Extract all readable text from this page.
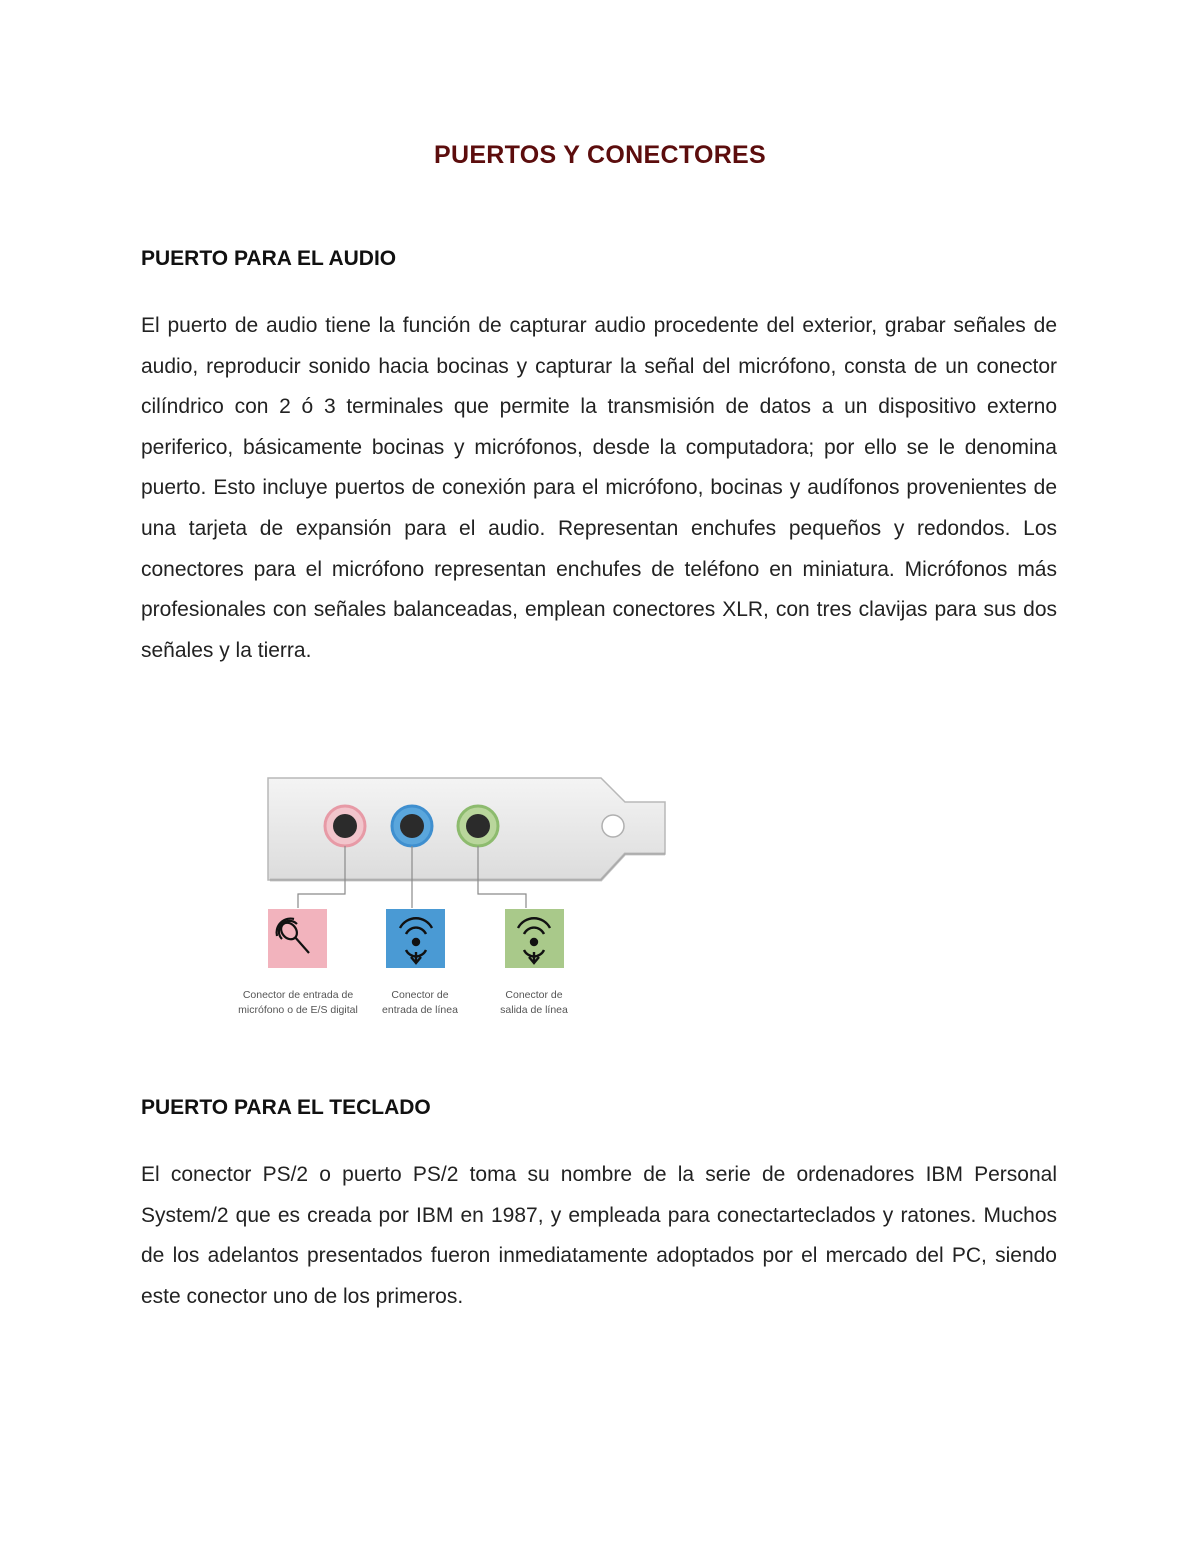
PUERTOS Y CONECTORES
PUERTO PARA EL AUDIO
El puerto de audio tiene la función de capturar audio procedente del exterior, grabar señales de audio, reproducir sonido hacia bocinas y capturar la señal del micrófono, consta de un conector cilíndrico con 2 ó 3 terminales que permite la transmisión de datos a un dispositivo externo periferico, básicamente bocinas y micrófonos, desde la computadora; por ello se le denomina puerto. Esto incluye puertos de conexión para el micrófono, bocinas y audífonos provenientes de una tarjeta de expansión para el audio. Representan enchufes pequeños y redondos. Los conectores para el micrófono representan enchufes de teléfono en miniatura. Micrófonos más profesionales con señales balanceadas, emplean conectores XLR, con tres clavijas para sus dos señales y la tierra.
Conector de entrada de
micrófono o de E/S digital
Conector de
entrada de línea
Conector de
salida de línea
PUERTO PARA EL TECLADO
El conector PS/2 o puerto PS/2 toma su nombre de la serie de ordenadores IBM Personal System/2 que es creada por IBM en 1987, y empleada para conectarteclados y ratones. Muchos de los adelantos presentados fueron inmediatamente adoptados por el mercado del PC, siendo este conector uno de los primeros.
